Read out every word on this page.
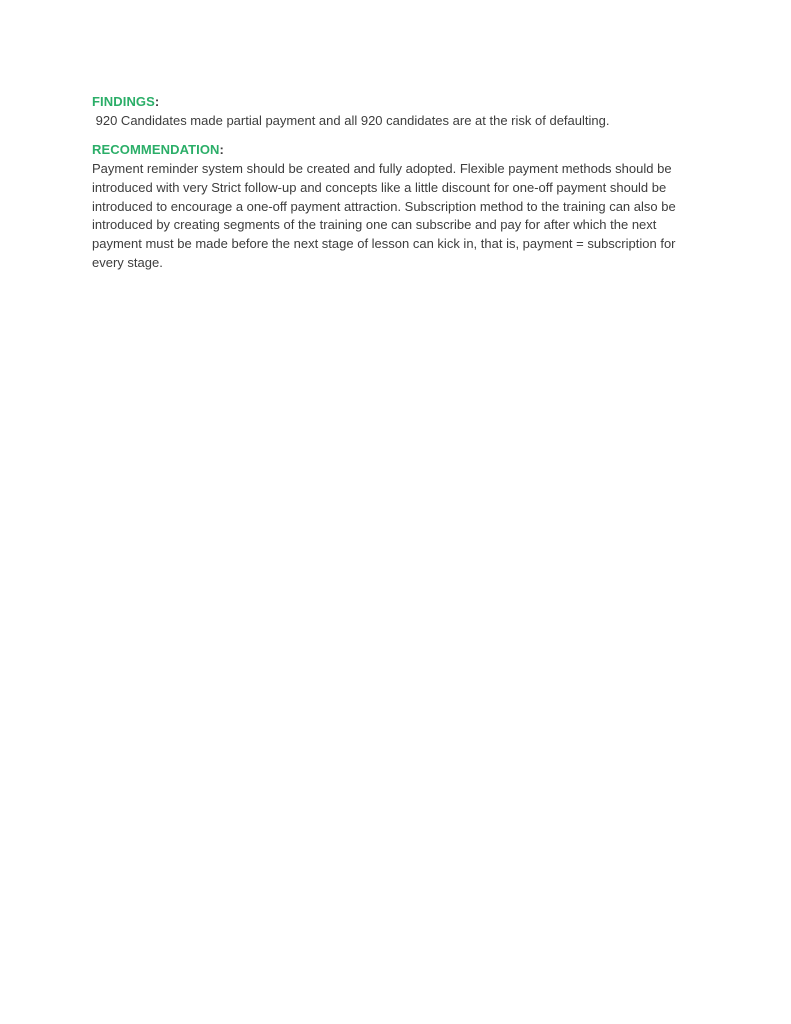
FINDINGS:

920 Candidates made partial payment and all 920 candidates are at the risk of defaulting.

RECOMMENDATION:

Payment reminder system should be created and fully adopted. Flexible payment methods should be introduced with very Strict follow-up and concepts like a little discount for one-off payment should be introduced to encourage a one-off payment attraction. Subscription method to the training can also be introduced by creating segments of the training one can subscribe and pay for after which the next payment must be made before the next stage of lesson can kick in, that is, payment = subscription for every stage.
